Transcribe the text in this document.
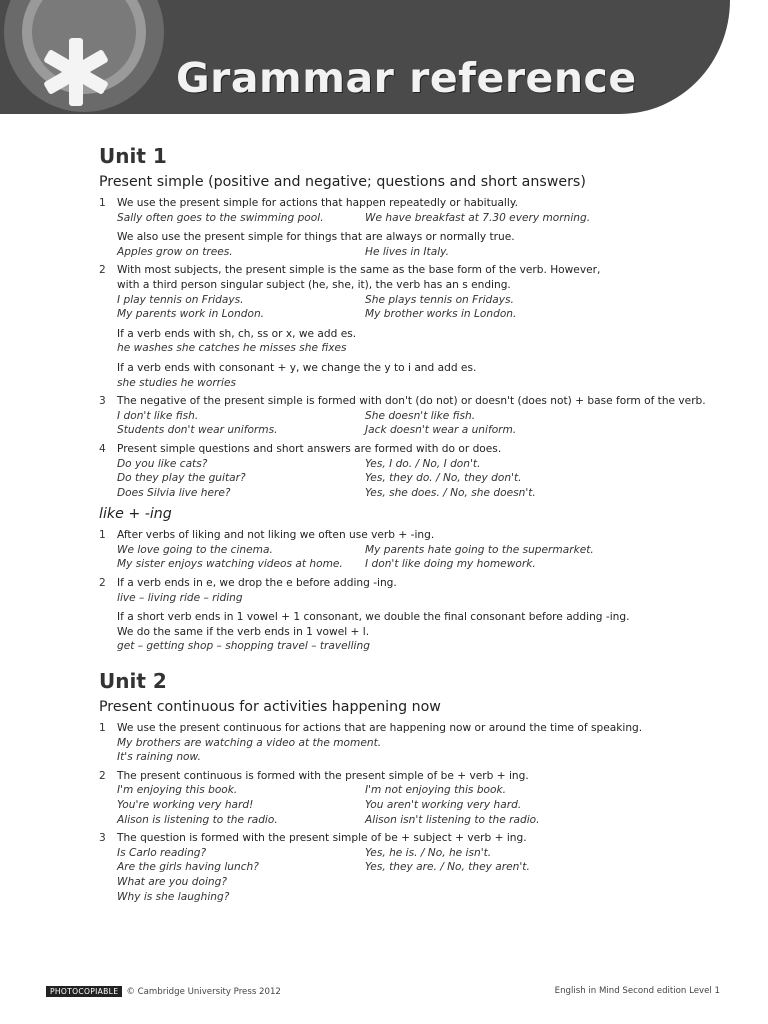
Grammar reference
Unit 1
Present simple (positive and negative; questions and short answers)
1	We use the present simple for actions that happen repeatedly or habitually.
Sally often goes to the swimming pool.	We have breakfast at 7.30 every morning.
We also use the present simple for things that are always or normally true.
Apples grow on trees.	He lives in Italy.
2	With most subjects, the present simple is the same as the base form of the verb. However,
with a third person singular subject (he, she, it), the verb has an s ending.
I play tennis on Fridays.	She plays tennis on Fridays.
My parents work in London.	My brother works in London.
If a verb ends with sh, ch, ss or x, we add es.
he washes she catches he misses she fixes
If a verb ends with consonant + y, we change the y to i and add es.
she studies he worries
3	The negative of the present simple is formed with don't (do not) or doesn't (does not) + base form of the verb.
I don't like fish.	She doesn't like fish.
Students don't wear uniforms.	Jack doesn't wear a uniform.
4	Present simple questions and short answers are formed with do or does.
Do you like cats?	Yes, I do. / No, I don't.
Do they play the guitar?	Yes, they do. / No, they don't.
Does Silvia live here?	Yes, she does. / No, she doesn't.
like + -ing
1	After verbs of liking and not liking we often use verb + -ing.
We love going to the cinema.	My parents hate going to the supermarket.
My sister enjoys watching videos at home.	I don't like doing my homework.
2	If a verb ends in e, we drop the e before adding -ing.
live – living ride – riding
If a short verb ends in 1 vowel + 1 consonant, we double the final consonant before adding -ing.
We do the same if the verb ends in 1 vowel + l.
get – getting shop – shopping travel – travelling
Unit 2
Present continuous for activities happening now
1	We use the present continuous for actions that are happening now or around the time of speaking.
My brothers are watching a video at the moment.
It's raining now.
2	The present continuous is formed with the present simple of be + verb + ing.
I'm enjoying this book.	I'm not enjoying this book.
You're working very hard!	You aren't working very hard.
Alison is listening to the radio.	Alison isn't listening to the radio.
3	The question is formed with the present simple of be + subject + verb + ing.
Is Carlo reading?	Yes, he is. / No, he isn't.
Are the girls having lunch?	Yes, they are. / No, they aren't.
What are you doing?
Why is she laughing?
PHOTOCOPIABLE © Cambridge University Press 2012	English in Mind Second edition Level 1
